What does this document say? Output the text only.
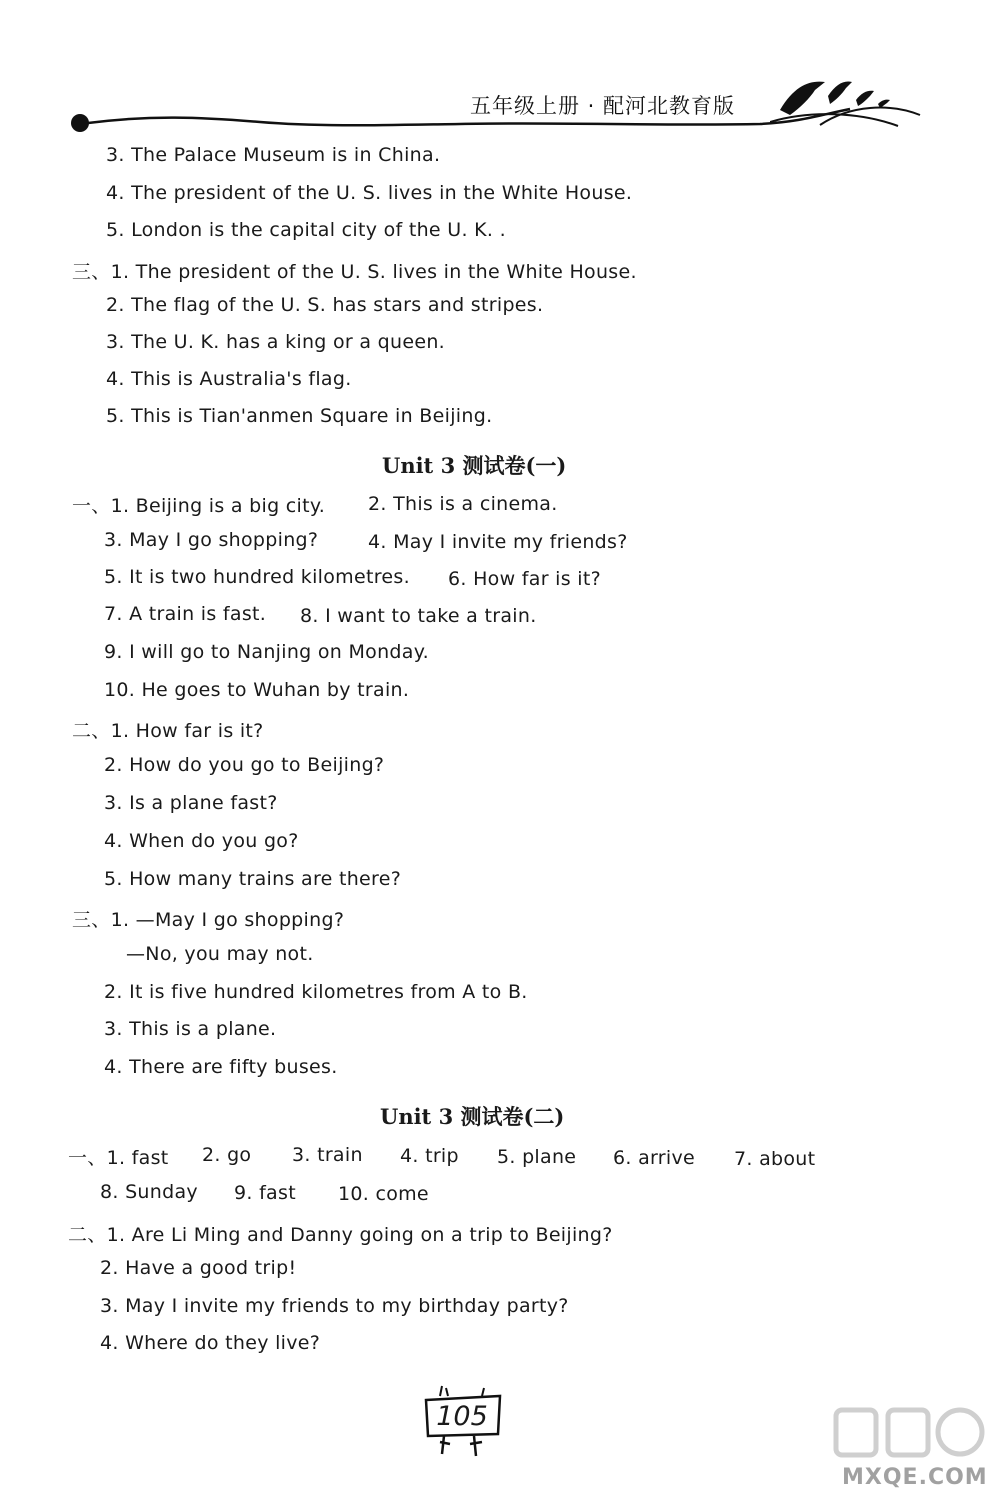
五年级上册 · 配河北教育版
3. The Palace Museum is in China.
4. The president of the U. S. lives in the White House.
5. London is the capital city of the U. K. .
三、1. The president of the U. S. lives in the White House.
2. The flag of the U. S. has stars and stripes.
3. The U. K. has a king or a queen.
4. This is Australia's flag.
5. This is Tian'anmen Square in Beijing.
Unit 3 测试卷(一)
一、1. Beijing is a big city. 2. This is a cinema.
3. May I go shopping?	4. May I invite my friends?
5. It is two hundred kilometres. 6. How far is it?
7. A train is fast. 8. I want to take a train.
9. I will go to Nanjing on Monday.
10. He goes to Wuhan by train.
二、1. How far is it?
2. How do you go to Beijing?
3. Is a plane fast?
4. When do you go?
5. How many trains are there?
三、1. —May I go shopping?
—No, you may not.
2. It is five hundred kilometres from A to B.
3. This is a plane.
4. There are fifty buses.
Unit 3 测试卷(二)
一、1. fast 2. go 3. train 4. trip 5. plane 6. arrive 7. about
8. Sunday 9. fast 10. come
二、1. Are Li Ming and Danny going on a trip to Beijing?
2. Have a good trip!
3. May I invite my friends to my birthday party?
4. Where do they live?
105
MXQE.COM
